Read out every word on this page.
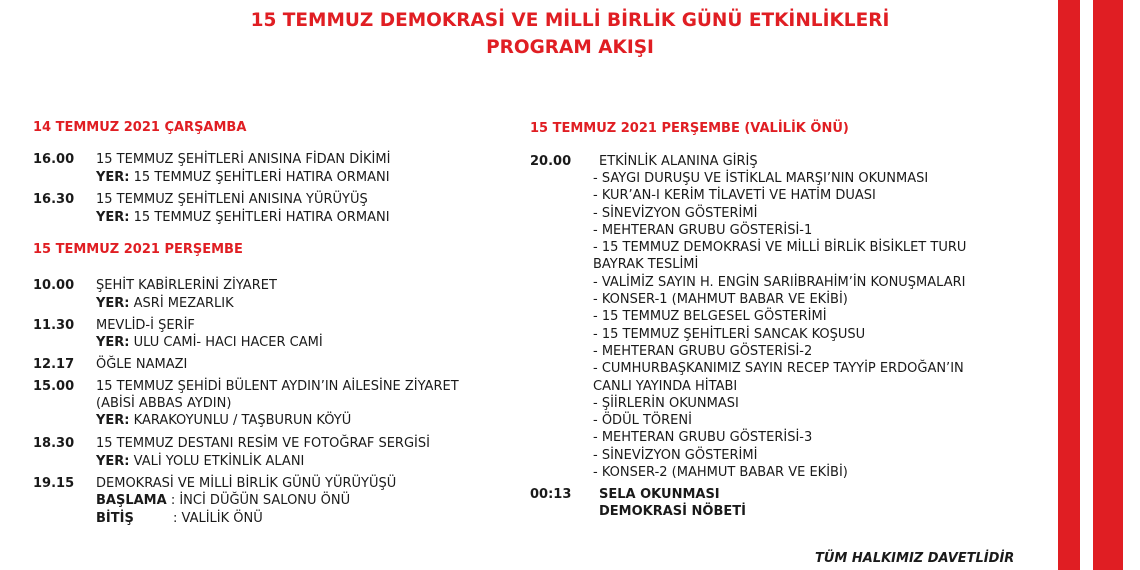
15 TEMMUZ DEMOKRASİ VE MİLLİ BİRLİK GÜNÜ ETKİNLİKLERİ
PROGRAM AKIŞI
14 TEMMUZ 2021 ÇARŞAMBA
16.00 15 TEMMUZ ŞEHİTLERİ ANISINA FİDAN DİKİMİ
YER: 15 TEMMUZ ŞEHİTLERİ HATIRA ORMANI
16.30 15 TEMMUZ ŞEHİTLENİ ANISINA YÜRÜYÜŞ
YER: 15 TEMMUZ ŞEHİTLERİ HATIRA ORMANI
15 TEMMUZ 2021 PERŞEMBE
10.00 ŞEHİT KABİRLERİNİ ZİYARET
YER: ASRİ MEZARLIK
11.30 MEVLİD-İ ŞERİF
YER: ULU CAMİ- HACI HACER CAMİ
12.17 ÖĞLE NAMAZI
15.00 15 TEMMUZ ŞEHİDİ BÜLENT AYDIN’IN AİLESİNE ZİYARET
(ABİSİ ABBAS AYDIN)
YER: KARAKOYUNLU / TAŞBURUN KÖYÜ
18.30 15 TEMMUZ DESTANI RESİM VE FOTOĞRAF SERGİSİ
YER: VALİ YOLU ETKİNLİK ALANI
19.15 DEMOKRASİ VE MİLLİ BİRLİK GÜNÜ YÜRÜYÜŞÜ
BAŞLAMA : İNCİ DÜĞÜN SALONU ÖNÜ
BİTİŞ	: VALİLİK ÖNÜ
15 TEMMUZ 2021 PERŞEMBE (VALİLİK ÖNÜ)
20.00 ETKİNLİK ALANINA GİRİŞ
- SAYGI DURUŞU VE İSTİKLAL MARŞI’NIN OKUNMASI
- KUR’AN-I KERİM TİLAVETİ VE HATİM DUASI
- SİNEVİZYON GÖSTERİMİ
- MEHTERAN GRUBU GÖSTERİSİ-1
- 15 TEMMUZ DEMOKRASİ VE MİLLİ BİRLİK BİSİKLET TURU
BAYRAK TESLİMİ
- VALİMİZ SAYIN H. ENGİN SARIİBRAHİM’İN KONUŞMALARI
- KONSER-1 (MAHMUT BABAR VE EKİBİ)
- 15 TEMMUZ BELGESEL GÖSTERİMİ
- 15 TEMMUZ ŞEHİTLERİ SANCAK KOŞUSU
- MEHTERAN GRUBU GÖSTERİSİ-2
- CUMHURBAŞKANIMIZ SAYIN RECEP TAYYİP ERDOĞAN’IN
CANLI YAYINDA HİTABI
- ŞİİRLERİN OKUNMASI
- ÖDÜL TÖRENİ
- MEHTERAN GRUBU GÖSTERİSİ-3
- SİNEVİZYON GÖSTERİMİ
- KONSER-2 (MAHMUT BABAR VE EKİBİ)
00:13 SELA OKUNMASI
DEMOKRASİ NÖBETİ
TÜM HALKIMIZ DAVETLİDİR
